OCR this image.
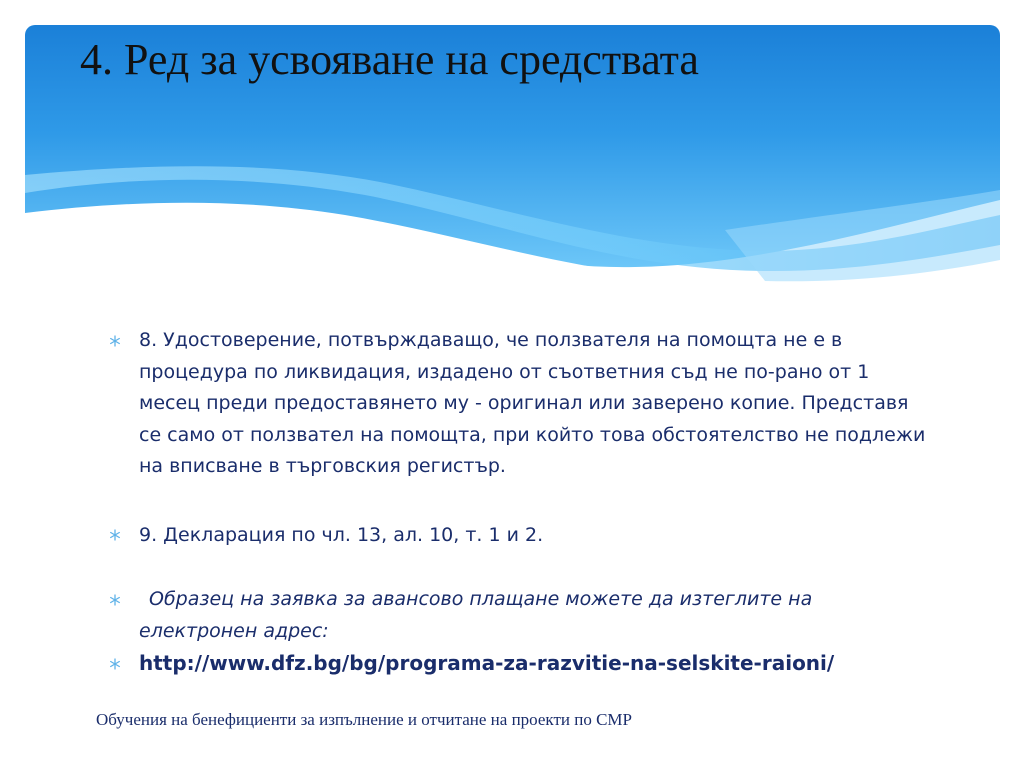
4. Ред за усвояване на средствата
8. Удостоверение, потвърждаващо, че ползвателя на помощта не е в процедура по ликвидация, издадено от съответния съд не по-рано от 1 месец преди предоставянето му - оригинал или заверено копие. Представя се само от ползвател на помощта, при който това обстоятелство не подлежи на вписване в търговския регистър.
9. Декларация по чл. 13, ал. 10, т. 1 и 2.
Образец на заявка за авансово плащане можете да изтеглите на електронен адрес:
http://www.dfz.bg/bg/programa-za-razvitie-na-selskite-raioni/
Обучения на бенефициенти за изпълнение и отчитане на проекти по СМР
